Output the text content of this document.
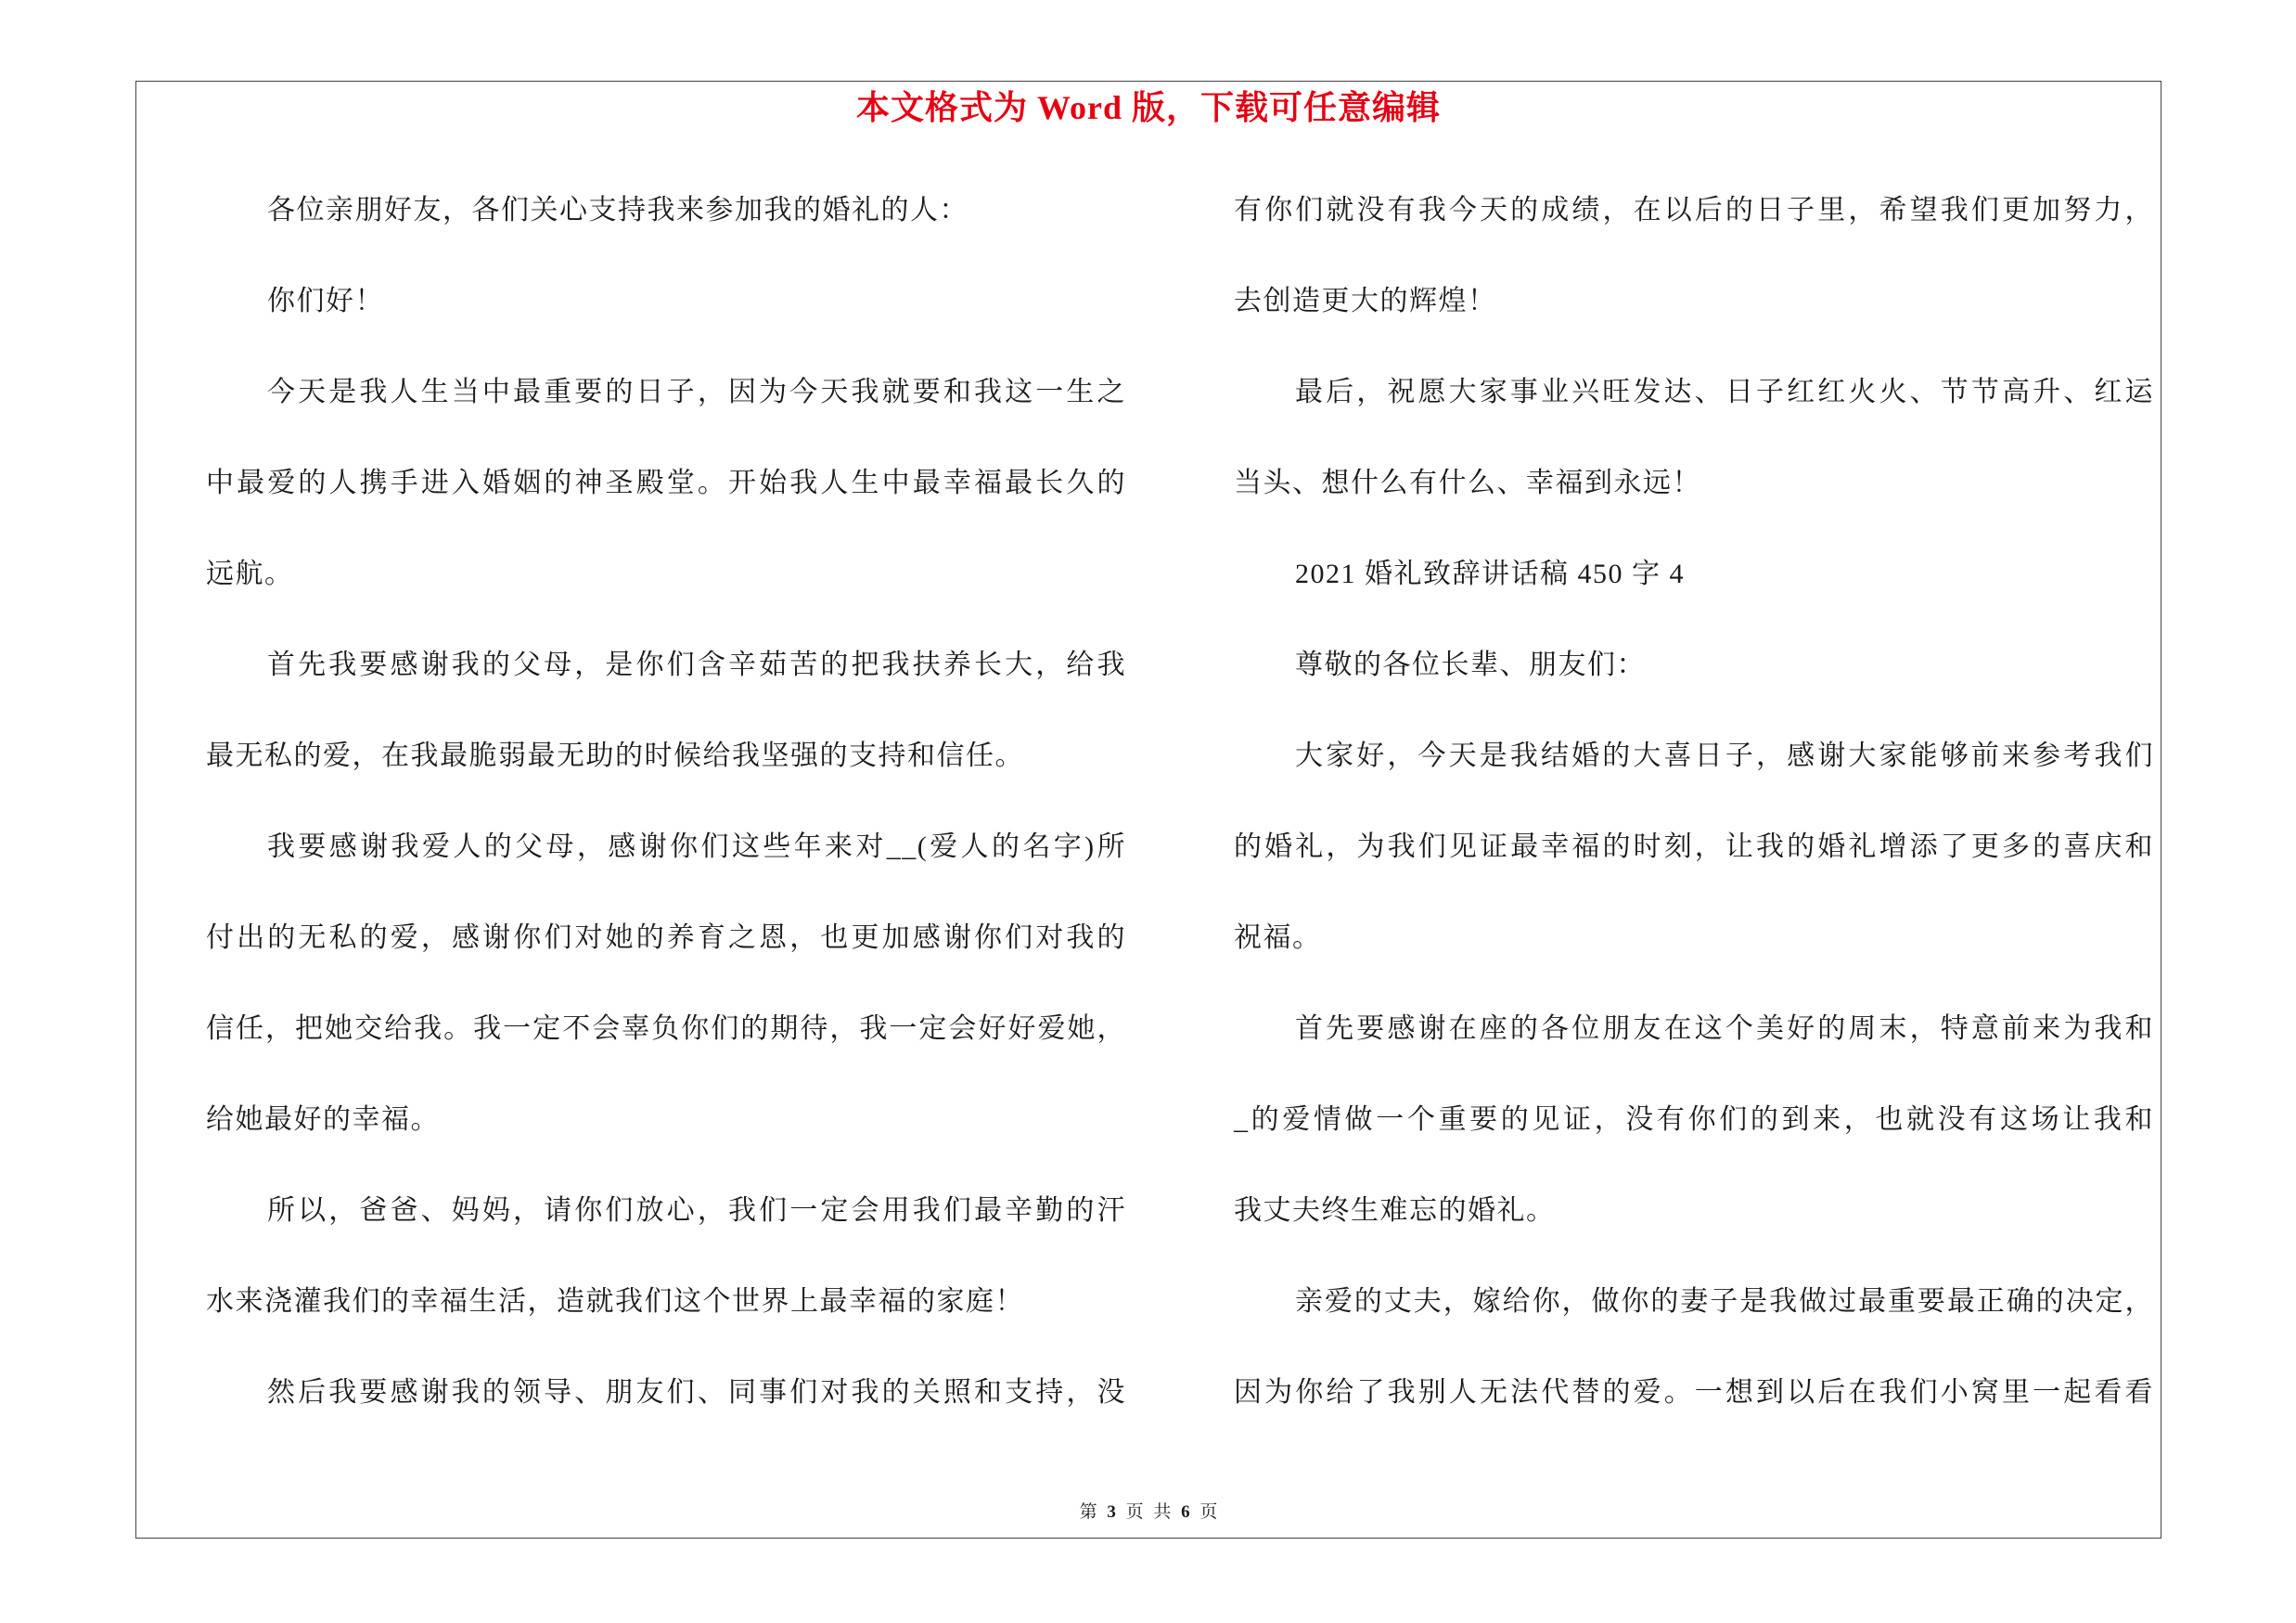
本文格式为 Word 版，下载可任意编辑
各位亲朋好友，各们关心支持我来参加我的婚礼的人：
你们好！
今天是我人生当中最重要的日子，因为今天我就要和我这一生之
中最爱的人携手进入婚姻的神圣殿堂。开始我人生中最幸福最长久的
远航。
首先我要感谢我的父母，是你们含辛茹苦的把我扶养长大，给我
最无私的爱，在我最脆弱最无助的时候给我坚强的支持和信任。
我要感谢我爱人的父母，感谢你们这些年来对__(爱人的名字)所
付出的无私的爱，感谢你们对她的养育之恩，也更加感谢你们对我的
信任，把她交给我。我一定不会辜负你们的期待，我一定会好好爱她，
给她最好的幸福。
所以，爸爸、妈妈，请你们放心，我们一定会用我们最辛勤的汗
水来浇灌我们的幸福生活，造就我们这个世界上最幸福的家庭！
然后我要感谢我的领导、朋友们、同事们对我的关照和支持，没
有你们就没有我今天的成绩，在以后的日子里，希望我们更加努力，
去创造更大的辉煌！
最后，祝愿大家事业兴旺发达、日子红红火火、节节高升、红运
当头、想什么有什么、幸福到永远！
2021 婚礼致辞讲话稿 450 字 4
尊敬的各位长辈、朋友们：
大家好，今天是我结婚的大喜日子，感谢大家能够前来参考我们
的婚礼，为我们见证最幸福的时刻，让我的婚礼增添了更多的喜庆和
祝福。
首先要感谢在座的各位朋友在这个美好的周末，特意前来为我和
_的爱情做一个重要的见证，没有你们的到来，也就没有这场让我和
我丈夫终生难忘的婚礼。
亲爱的丈夫，嫁给你，做你的妻子是我做过最重要最正确的决定，
因为你给了我别人无法代替的爱。一想到以后在我们小窝里一起看看
第 3 页 共 6 页
